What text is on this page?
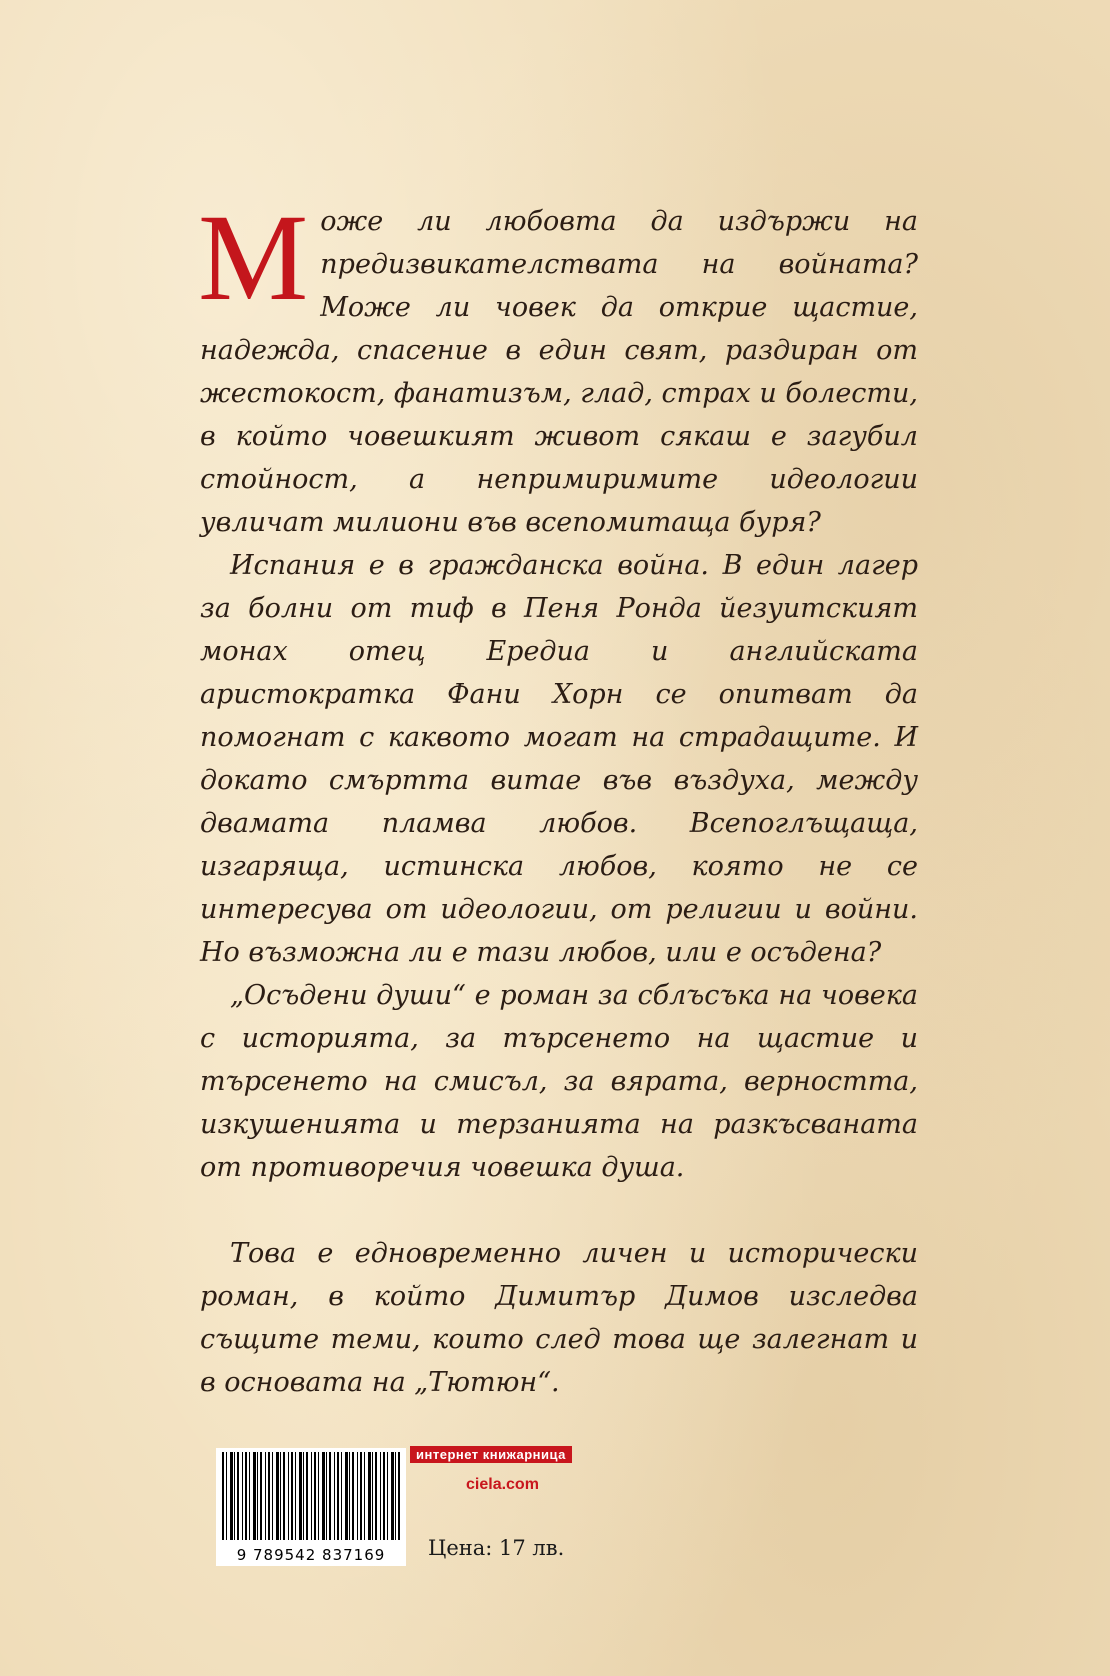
Може ли любовта да издържи на предизвикателствата на войната? Може ли човек да открие щастие, надежда, спасение в един свят, раздиран от жестокост, фанатизъм, глад, страх и болести, в който човешкият живот сякаш е загубил стойност, а непримиримите идеологии увличат милиони във всепомитаща буря?

Испания е в гражданска война. В един лагер за болни от тиф в Пеня Ронда йезуитският монах отец Ередиа и английската аристократка Фани Хорн се опитват да помогнат с каквото могат на страдащите. И докато смъртта витае във въздуха, между двамата пламва любов. Всепоглъщаща, изгаряща, истинска любов, която не се интересува от идеологии, от религии и войни. Но възможна ли е тази любов, или е осъдена?

„Осъдени души“ е роман за сблъсъка на човека с историята, за търсенето на щастие и търсенето на смисъл, за вярата, верността, изкушенията и терзанията на разкъсваната от противоречия човешка душа.

Това е едновременно личен и исторически роман, в който Димитър Димов изследва същите теми, които след това ще залегнат и в основата на „Тютюн“.

9 789542 837169
интернет книжарница
ciela.com
Цена: 17 лв.
